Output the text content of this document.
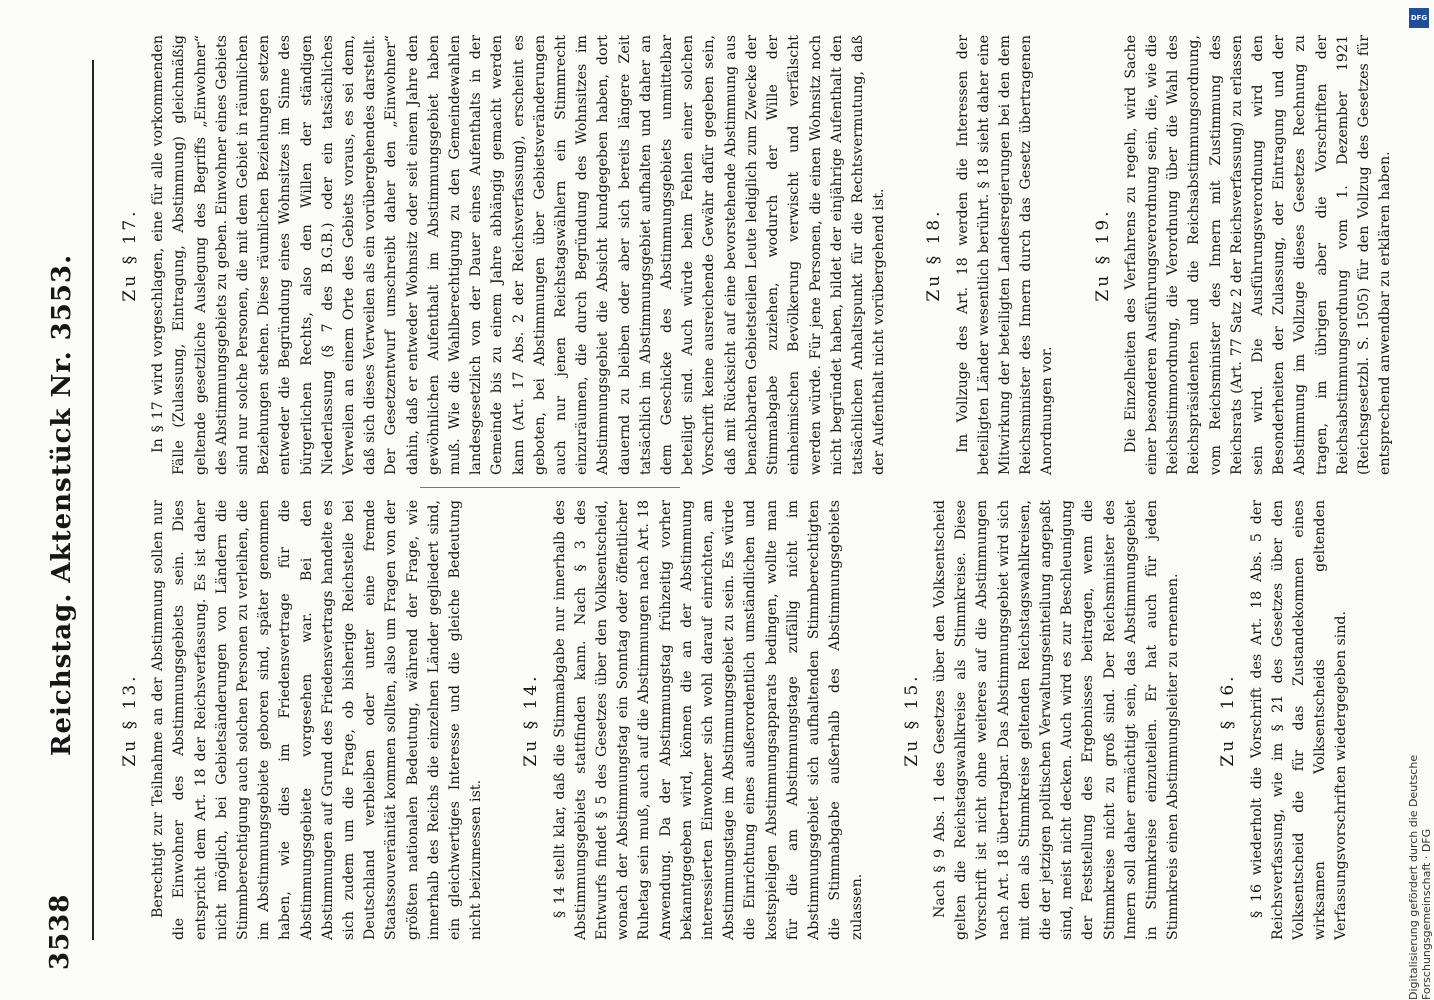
3538
Reichstag. Aktenstück Nr. 3553.	Zu § 13. Berechtigt zur Teilnahme an der Abstimmung sollen nur die Einwohner des Abstimmungsgebiets sein. Dies entspricht dem Art. 18 der Reichsverfassung. Es ist daher nicht möglich, bei Gebietsänderungen von Ländern die Stimmberechtigung auch solchen Personen zu verleihen, die im Abstimmungsgebiete geboren sind, später genommen haben, wie dies im Friedensvertrage für die Abstimmungsgebiete vorgesehen war. Bei den Abstimmungen auf Grund des Friedensvertrags handelte es sich zudem um die Frage, ob bisherige Reichsteile bei Deutschland verbleiben oder unter eine fremde Staatssouveränität kommen sollten, also um Fragen von der größten nationalen Bedeutung, während der Frage, wie innerhalb des Reichs die einzelnen Länder gegliedert sind, ein gleichwertiges Interesse und die gleiche Bedeutung nicht beizumessen ist.

Zu § 14. § 14 stellt klar, daß die Stimmabgabe nur innerhalb des Abstimmungsgebiets stattfinden kann. Nach § 3 des Entwurfs findet § 5 des Gesetzes über den Volksentscheid, wonach der Abstimmungstag ein Sonntag oder öffentlicher Ruhetag sein muß, auch auf die Abstimmungen nach Art. 18 Anwendung. Da der Abstimmungstag frühzeitig vorher bekanntgegeben wird, können die an der Abstimmung interessierten Einwohner sich wohl darauf einrichten, am Abstimmungstage im Abstimmungsgebiet zu sein. Es würde die Einrichtung eines außerordentlich umständlichen und kostspieligen Abstimmungsapparats bedingen, wollte man für die am Abstimmungstage zufällig nicht im Abstimmungsgebiet sich aufhaltenden Stimmberechtigten die Stimmabgabe außerhalb des Abstimmungsgebiets zulassen.

Zu § 15. Nach § 9 Abs. 1 des Gesetzes über den Volksentscheid gelten die Reichstagswahlkreise als Stimmkreise. Diese Vorschrift ist nicht ohne weiteres auf die Abstimmungen nach Art. 18 übertragbar. Das Abstimmungsgebiet wird sich mit den als Stimmkreise geltenden Reichstagswahlkreisen, die der jetzigen politischen Verwaltungseinteilung angepaßt sind, meist nicht decken. Auch wird es zur Beschleunigung der Feststellung des Ergebnisses beitragen, wenn die Stimmkreise nicht zu groß sind. Der Reichsminister des Innern soll daher ermächtigt sein, das Abstimmungsgebiet in Stimmkreise einzuteilen. Er hat auch für jeden Stimmkreis einen Abstimmungsleiter zu ernennen. Zu § 16. § 16 wiederholt die Vorschrift des Art. 18 Abs. 5 der Reichsverfassung, wie im § 21 des Gesetzes über den Volksentscheid die für das Zustandekommen eines wirksamen Volksentscheids geltenden Verfassungsvorschriften wiedergegeben sind.

Zu § 17. In § 17 wird vorgeschlagen, eine für alle vorkommenden Fälle (Zulassung, Eintragung, Abstimmung) gleichmäßig geltende gesetzliche Auslegung des Begriffs „Einwohner“ des Abstimmungsgebiets zu geben. Einwohner eines Gebiets sind nur solche Personen, die mit dem Gebiet in räumlichen Beziehungen stehen. Diese räumlichen Beziehungen setzen entweder die Begründung eines Wohnsitzes im Sinne des bürgerlichen Rechts, also den Willen der ständigen Niederlassung (§ 7 des B.G.B.) oder ein tatsächliches Verweilen an einem Orte des Gebiets voraus, es sei denn, daß sich dieses Verweilen als ein vorübergehendes darstellt. Der Gesetzentwurf umschreibt daher den „Einwohner“ dahin, daß er entweder Wohnsitz oder seit einem Jahre den gewöhnlichen Aufenthalt im Abstimmungsgebiet haben muß. Wie die Wahlberechtigung zu den Gemeindewahlen landesgesetzlich von der Dauer eines Aufenthalts in der Gemeinde bis zu einem Jahre abhängig gemacht werden kann (Art. 17 Abs. 2 der Reichsverfassung), erscheint es geboten, bei Abstimmungen über Gebietsveränderungen auch nur jenen Reichstagswählern ein Stimmrecht einzuräumen, die durch Begründung des Wohnsitzes im Abstimmungsgebiet die Absicht kundgegeben haben, dort dauernd zu bleiben oder aber sich bereits längere Zeit tatsächlich im Abstimmungsgebiet aufhalten und daher an dem Geschicke des Abstimmungsgebiets unmittelbar beteiligt sind. Auch würde beim Fehlen einer solchen Vorschrift keine ausreichende Gewähr dafür gegeben sein, daß mit Rücksicht auf eine bevorstehende Abstimmung aus benachbarten Gebietsteilen Leute lediglich zum Zwecke der Stimmabgabe zuziehen, wodurch der Wille der einheimischen Bevölkerung verwischt und verfälscht werden würde. Für jene Personen, die einen Wohnsitz noch nicht begründet haben, bildet der einjährige Aufenthalt den tatsächlichen Anhaltspunkt für die Rechtsvermutung, daß der Aufenthalt nicht vorübergehend ist. Zu § 18. Im Vollzuge des Art. 18 werden die Interessen der beteiligten Länder wesentlich berührt. § 18 sieht daher eine Mitwirkung der beteiligten Landesregierungen bei den dem Reichsminister des Innern durch das Gesetz übertragenen Anordnungen vor.

Zu § 19. Die Einzelheiten des Verfahrens zu regeln, wird Sache einer besonderen Ausführungsverordnung sein, die, wie die Reichsstimmordnung, die Verordnung über die Wahl des Reichspräsidenten und die Reichsabstimmungsordnung, vom Reichsminister des Innern mit Zustimmung des Reichsrats (Art. 77 Satz 2 der Reichsverfassung) zu erlassen sein wird. Die Ausführungsverordnung wird den Besonderheiten der Zulassung, der Eintragung und der Abstimmung im Vollzuge dieses Gesetzes Rechnung zu tragen, im übrigen aber die Vorschriften der Reichsabstimmungsordnung vom 1. Dezember 1921 (Reichsgesetzbl. S. 1505) für den Vollzug des Gesetzes für entsprechend anwendbar zu erklären haben.

DFG
Digitalisierung gefördert durch die Deutsche Forschungsgemeinschaft · DFG
